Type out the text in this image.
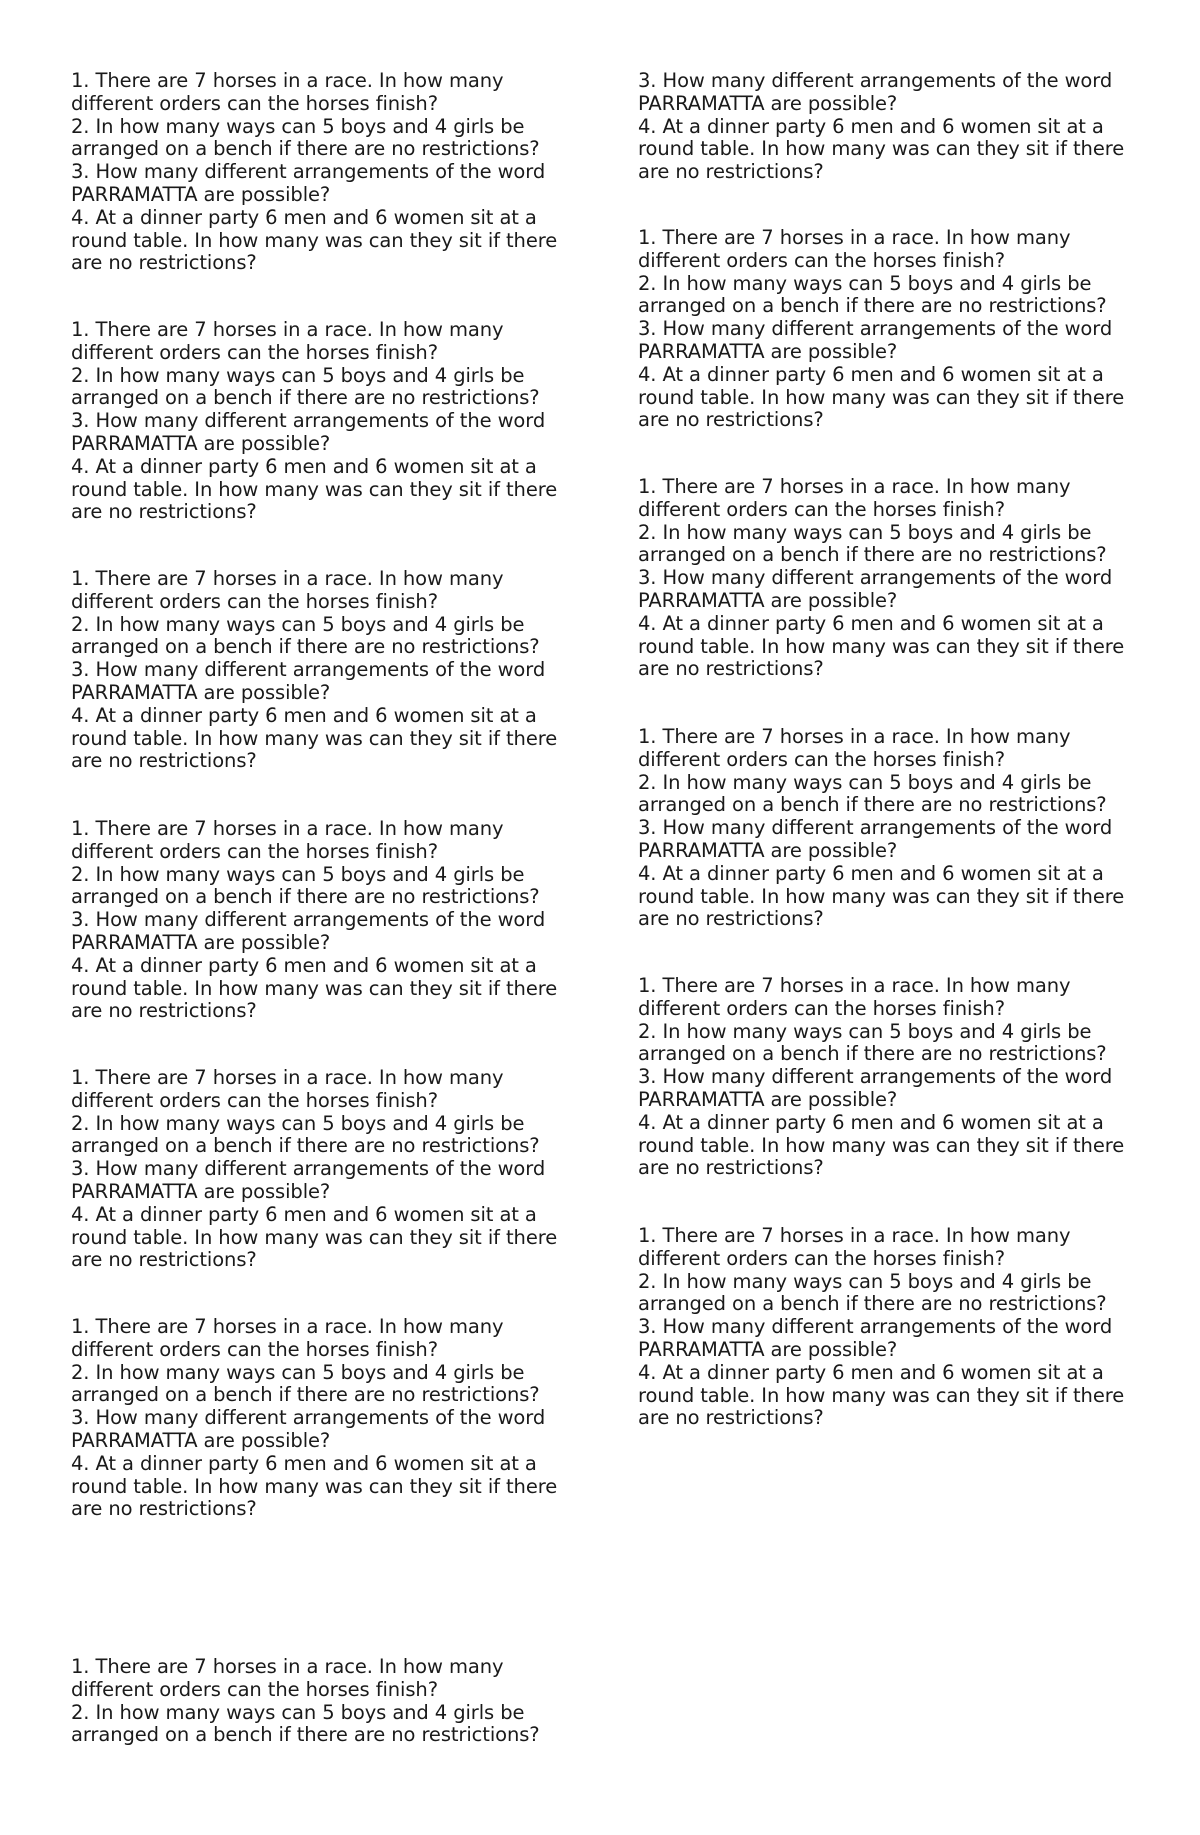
1. There are 7 horses in a race. In how many
different orders can the horses finish?
2. In how many ways can 5 boys and 4 girls be
arranged on a bench if there are no restrictions?
3. How many different arrangements of the word
PARRAMATTA are possible?
4. At a dinner party 6 men and 6 women sit at a
round table. In how many was can they sit if there
are no restrictions?
1. There are 7 horses in a race. In how many
different orders can the horses finish?
2. In how many ways can 5 boys and 4 girls be
arranged on a bench if there are no restrictions?
3. How many different arrangements of the word
PARRAMATTA are possible?
4. At a dinner party 6 men and 6 women sit at a
round table. In how many was can they sit if there
are no restrictions?
1. There are 7 horses in a race. In how many
different orders can the horses finish?
2. In how many ways can 5 boys and 4 girls be
arranged on a bench if there are no restrictions?
3. How many different arrangements of the word
PARRAMATTA are possible?
4. At a dinner party 6 men and 6 women sit at a
round table. In how many was can they sit if there
are no restrictions?
1. There are 7 horses in a race. In how many
different orders can the horses finish?
2. In how many ways can 5 boys and 4 girls be
arranged on a bench if there are no restrictions?
3. How many different arrangements of the word
PARRAMATTA are possible?
4. At a dinner party 6 men and 6 women sit at a
round table. In how many was can they sit if there
are no restrictions?
1. There are 7 horses in a race. In how many
different orders can the horses finish?
2. In how many ways can 5 boys and 4 girls be
arranged on a bench if there are no restrictions?
3. How many different arrangements of the word
PARRAMATTA are possible?
4. At a dinner party 6 men and 6 women sit at a
round table. In how many was can they sit if there
are no restrictions?
1. There are 7 horses in a race. In how many
different orders can the horses finish?
2. In how many ways can 5 boys and 4 girls be
arranged on a bench if there are no restrictions?
3. How many different arrangements of the word
PARRAMATTA are possible?
4. At a dinner party 6 men and 6 women sit at a
round table. In how many was can they sit if there
are no restrictions?
1. There are 7 horses in a race. In how many
different orders can the horses finish?
2. In how many ways can 5 boys and 4 girls be
arranged on a bench if there are no restrictions?
3. How many different arrangements of the word
PARRAMATTA are possible?
4. At a dinner party 6 men and 6 women sit at a
round table. In how many was can they sit if there
are no restrictions?
1. There are 7 horses in a race. In how many
different orders can the horses finish?
2. In how many ways can 5 boys and 4 girls be
arranged on a bench if there are no restrictions?
3. How many different arrangements of the word
PARRAMATTA are possible?
4. At a dinner party 6 men and 6 women sit at a
round table. In how many was can they sit if there
are no restrictions?
1. There are 7 horses in a race. In how many
different orders can the horses finish?
2. In how many ways can 5 boys and 4 girls be
arranged on a bench if there are no restrictions?
3. How many different arrangements of the word
PARRAMATTA are possible?
4. At a dinner party 6 men and 6 women sit at a
round table. In how many was can they sit if there
are no restrictions?
1. There are 7 horses in a race. In how many
different orders can the horses finish?
2. In how many ways can 5 boys and 4 girls be
arranged on a bench if there are no restrictions?
3. How many different arrangements of the word
PARRAMATTA are possible?
4. At a dinner party 6 men and 6 women sit at a
round table. In how many was can they sit if there
are no restrictions?
1. There are 7 horses in a race. In how many
different orders can the horses finish?
2. In how many ways can 5 boys and 4 girls be
arranged on a bench if there are no restrictions?
3. How many different arrangements of the word
PARRAMATTA are possible?
4. At a dinner party 6 men and 6 women sit at a
round table. In how many was can they sit if there
are no restrictions?
1. There are 7 horses in a race. In how many
different orders can the horses finish?
2. In how many ways can 5 boys and 4 girls be
arranged on a bench if there are no restrictions?
3. How many different arrangements of the word
PARRAMATTA are possible?
4. At a dinner party 6 men and 6 women sit at a
round table. In how many was can they sit if there
are no restrictions?
